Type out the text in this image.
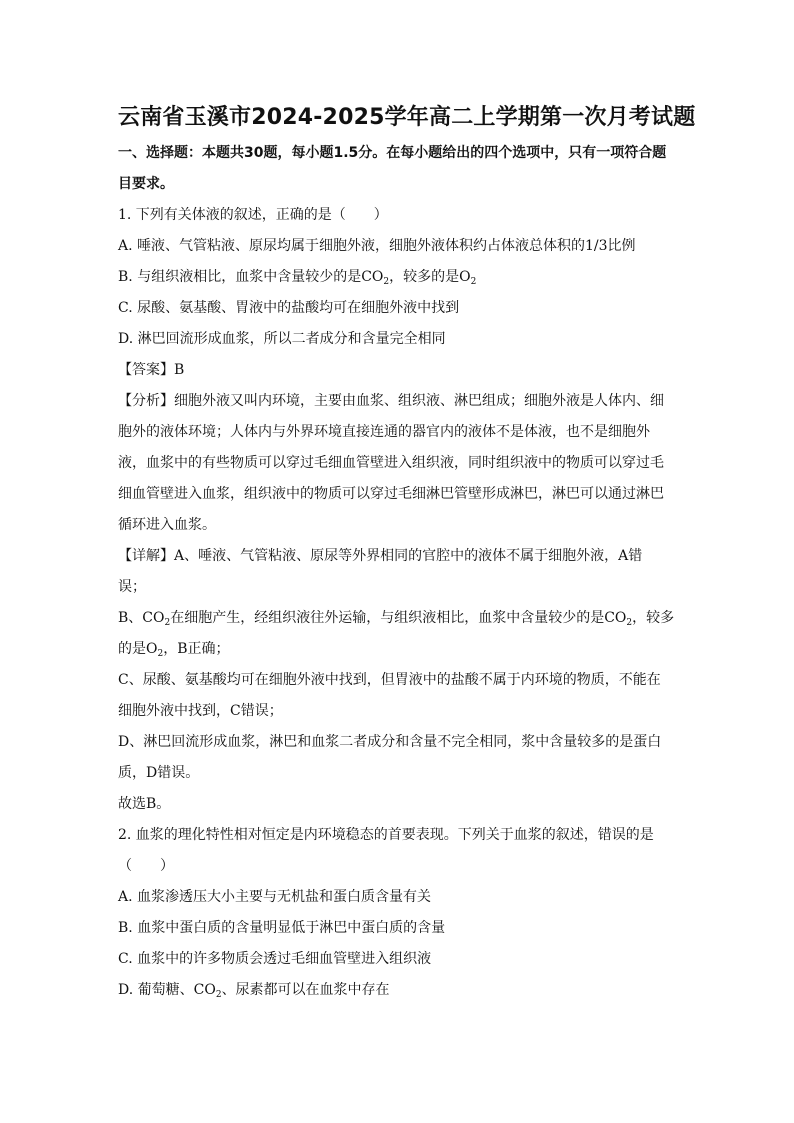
云南省玉溪市2024-2025学年高二上学期第一次月考试题

一、选择题：本题共30题，每小题1.5分。在每小题给出的四个选项中，只有一项符合题

目要求。

1. 下列有关体液的叙述，正确的是（　　）

A. 唾液、气管粘液、原尿均属于细胞外液，细胞外液体积约占体液总体积的1/3比例

B. 与组织液相比，血浆中含量较少的是$CO_2$，较多的是$O_2$

C. 尿酸、氨基酸、胃液中的盐酸均可在细胞外液中找到

D. 淋巴回流形成血浆，所以二者成分和含量完全相同

【答案】B

【分析】细胞外液又叫内环境，主要由血浆、组织液、淋巴组成；细胞外液是人体内、细

胞外的液体环境；人体内与外界环境直接连通的器官内的液体不是体液，也不是细胞外

液，血浆中的有些物质可以穿过毛细血管壁进入组织液，同时组织液中的物质可以穿过毛

细血管壁进入血浆，组织液中的物质可以穿过毛细淋巴管壁形成淋巴，淋巴可以通过淋巴

循环进入血浆。

【详解】A、唾液、气管粘液、原尿等外界相同的官腔中的液体不属于细胞外液，A错

误；

B、$CO_2$在细胞产生，经组织液往外运输，与组织液相比，血浆中含量较少的是$CO_2$，较多

的是$O_2$，B正确；

C、尿酸、氨基酸均可在细胞外液中找到，但胃液中的盐酸不属于内环境的物质，不能在

细胞外液中找到，C错误；

D、淋巴回流形成血浆，淋巴和血浆二者成分和含量不完全相同，浆中含量较多的是蛋白

质，D错误。

故选B。

2. 血浆的理化特性相对恒定是内环境稳态的首要表现。下列关于血浆的叙述，错误的是

（　　）

A. 血浆渗透压大小主要与无机盐和蛋白质含量有关

B. 血浆中蛋白质的含量明显低于淋巴中蛋白质的含量

C. 血浆中的许多物质会透过毛细血管壁进入组织液

D. 葡萄糖、$CO_2$、尿素都可以在血浆中存在
